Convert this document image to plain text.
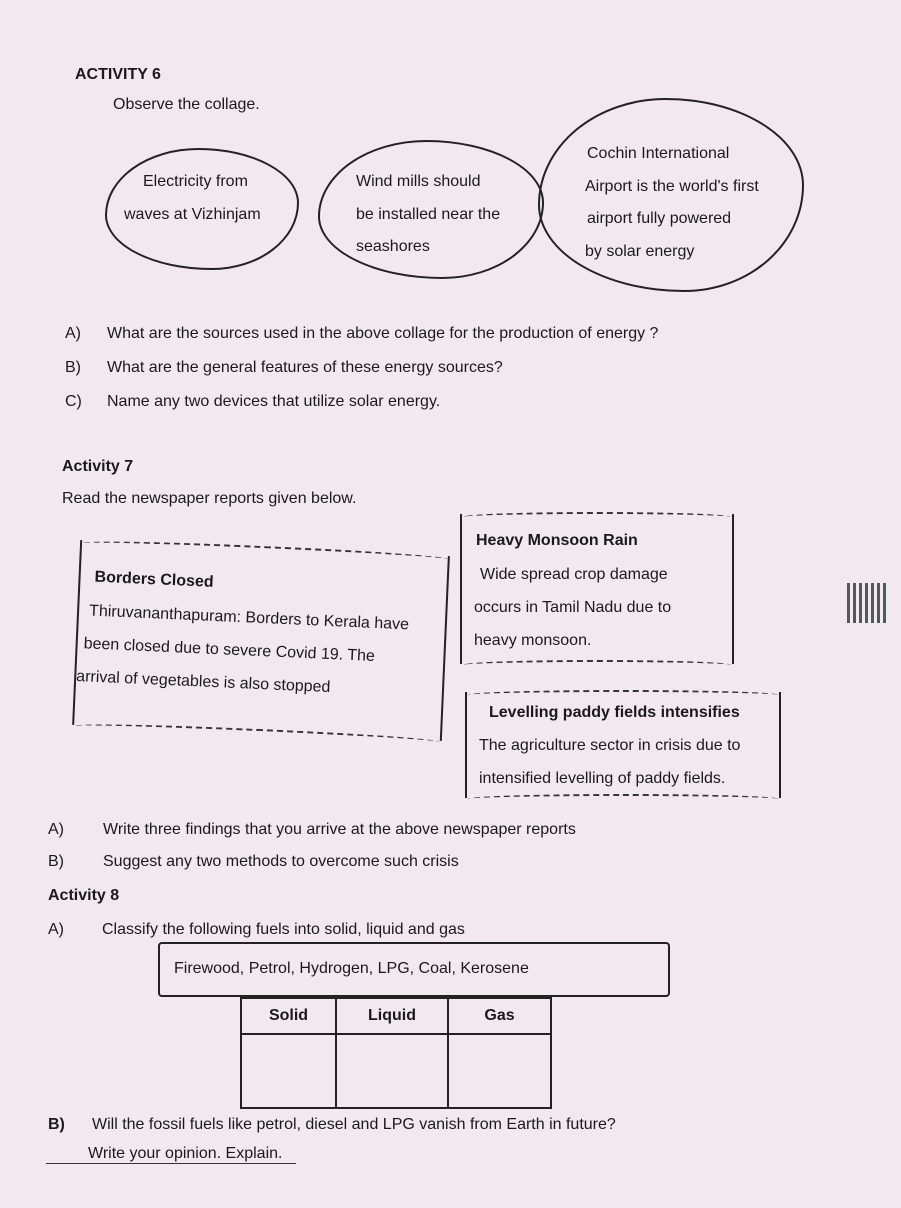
ACTIVITY 6
Observe the collage.
Electricity from
waves at Vizhinjam
Wind mills should
be installed near the
seashores
Cochin International
Airport is the world's first
airport fully powered
by solar energy
A) What are the sources used in the above collage for the production of energy ?
B) What are the general features of these energy sources?
C) Name any two devices that utilize solar energy.
Activity 7
Read the newspaper reports given below.
Borders Closed
Thiruvananthapuram: Borders to Kerala have
been closed due to severe Covid 19. The
arrival of vegetables is also stopped
Heavy Monsoon Rain
Wide spread crop damage
occurs in Tamil Nadu due to
heavy monsoon.
Levelling paddy fields intensifies
The agriculture sector in crisis due to
intensified levelling of paddy fields.
A) Write three findings that you arrive at the above newspaper reports
B) Suggest any two methods to overcome such crisis
Activity 8
A) Classify the following fuels into solid, liquid and gas
Firewood, Petrol, Hydrogen, LPG, Coal, Kerosene
Solid	Liquid	Gas

B) Will the fossil fuels like petrol, diesel and LPG vanish from Earth in future?
Write your opinion. Explain.
